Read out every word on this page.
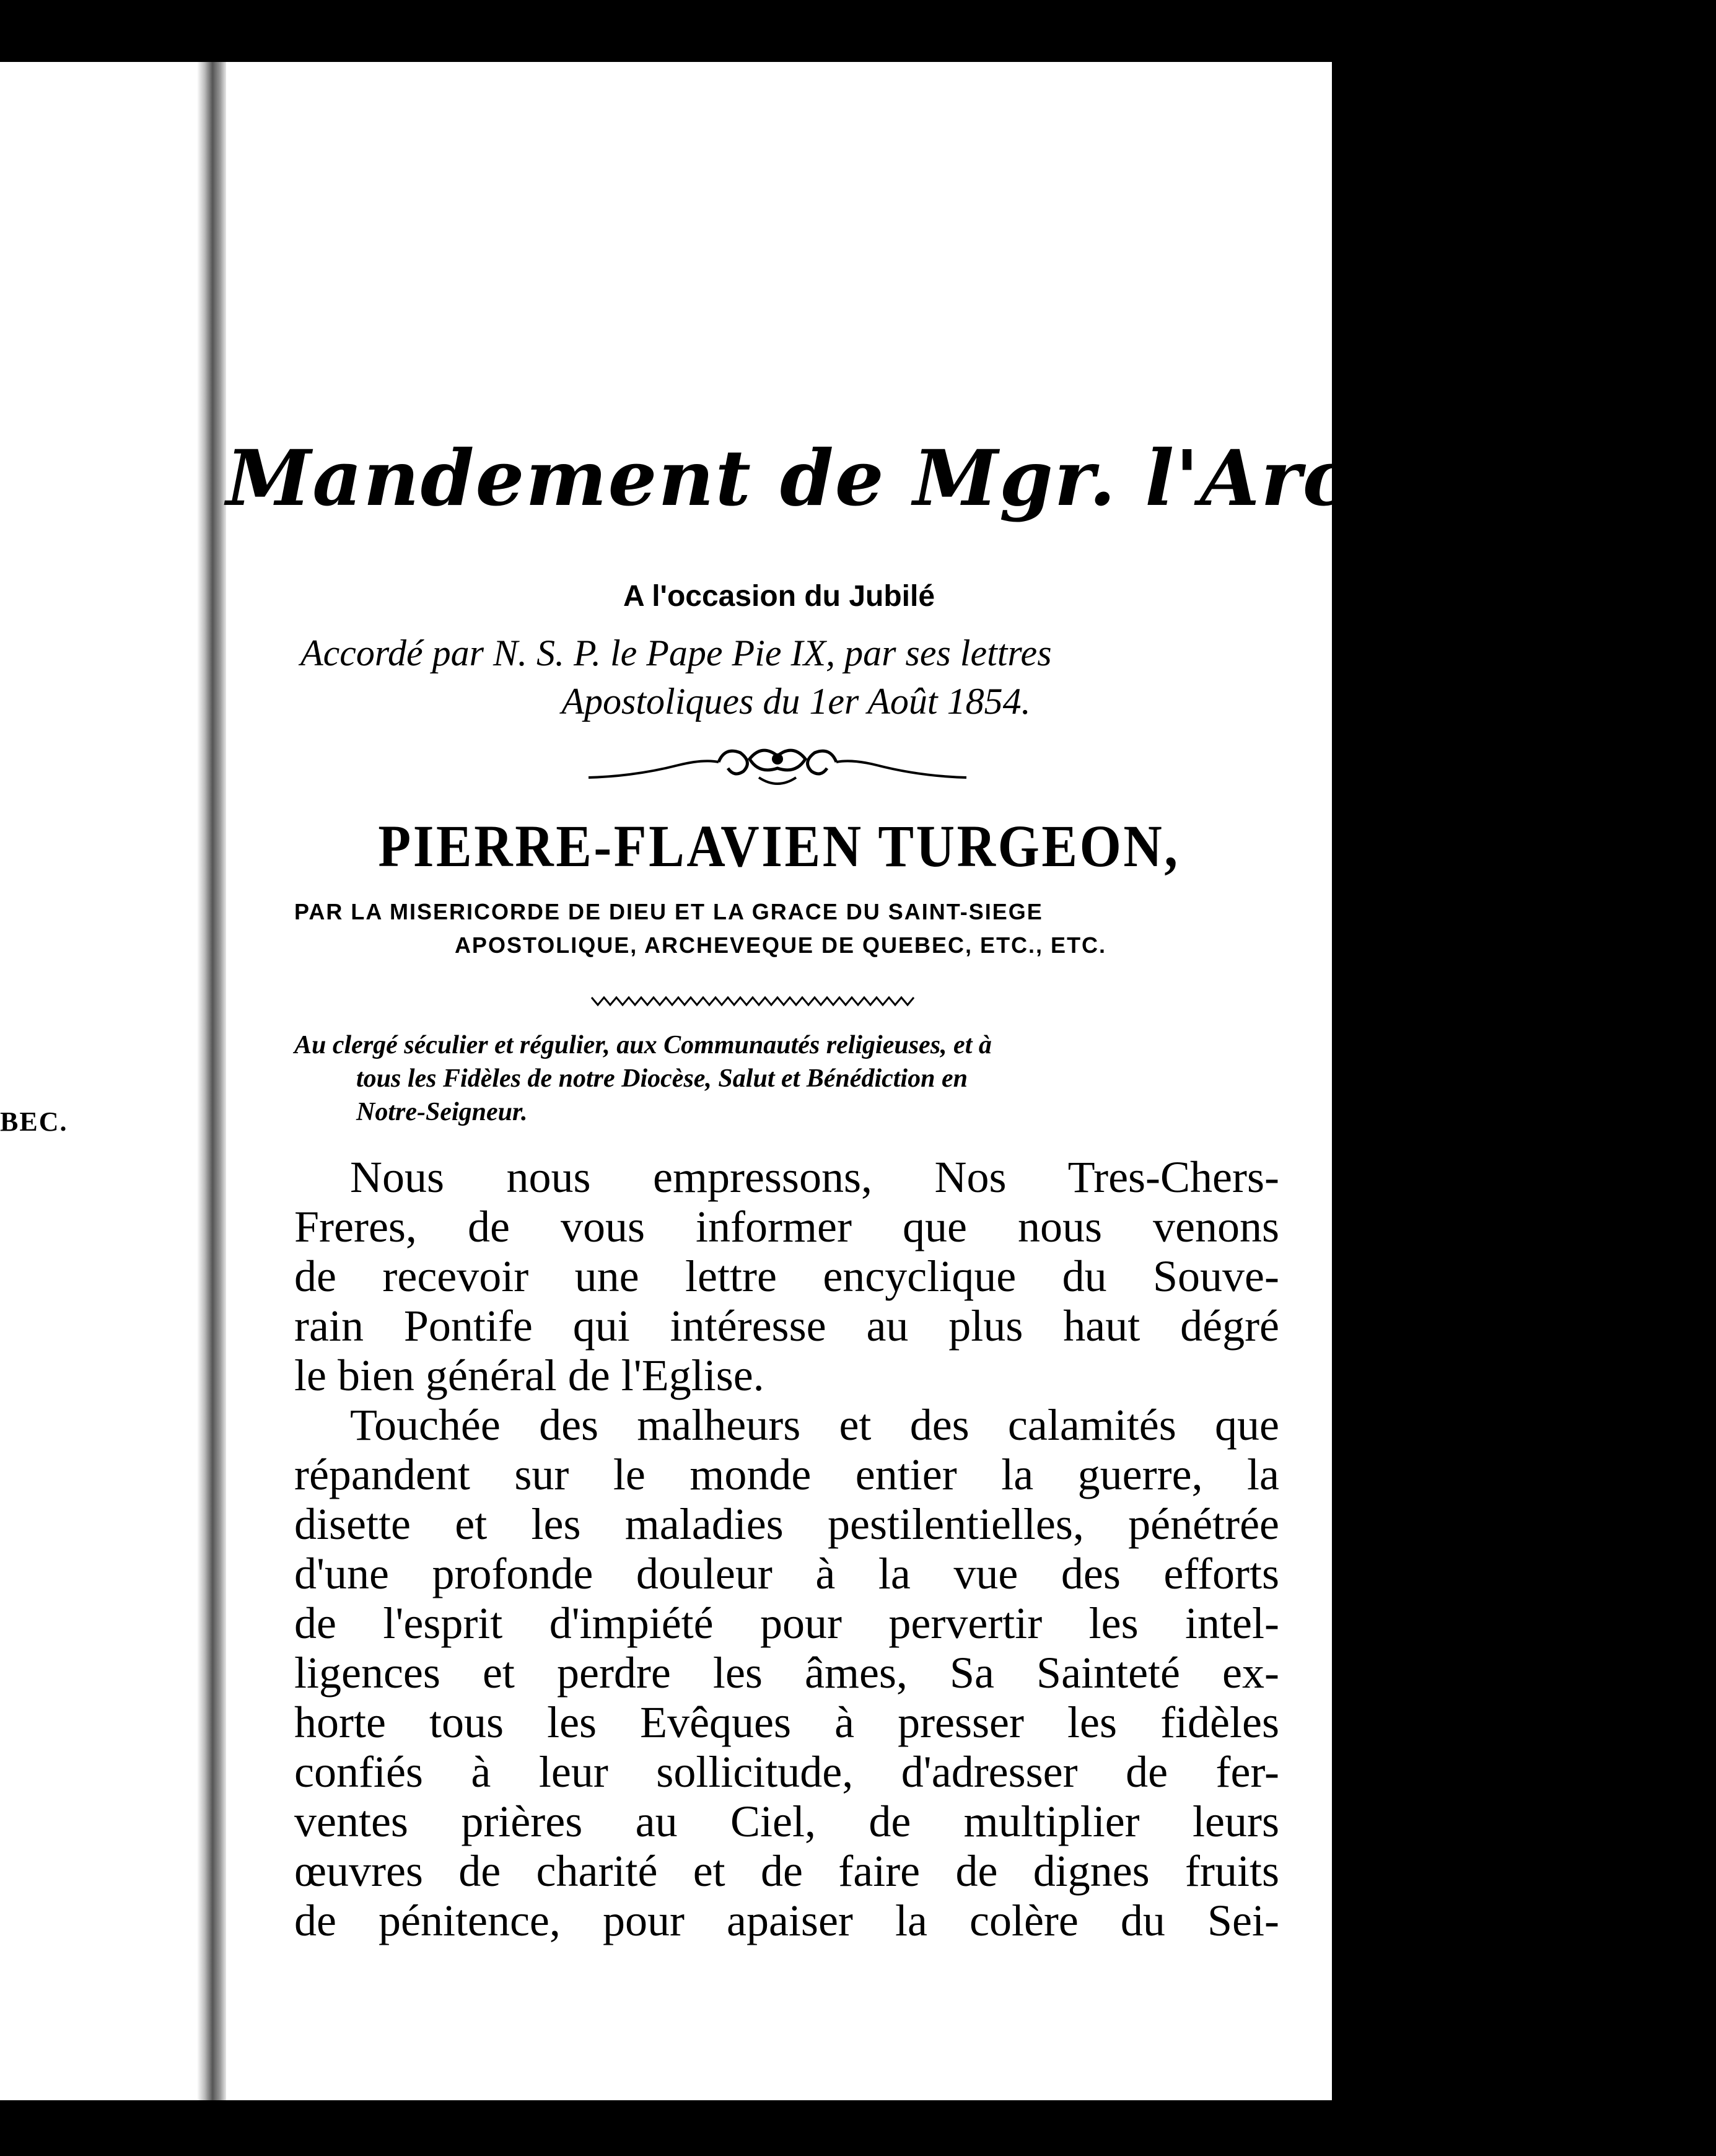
BEC.
Mandement de Mgr. l'Archeveque
A l'occasion du Jubilé
Accordé par N. S. P. le Pape Pie IX, par ses lettres
Apostoliques du 1er Août 1854.
PIERRE-FLAVIEN TURGEON,
PAR LA MISERICORDE DE DIEU ET LA GRACE DU SAINT-SIEGE
APOSTOLIQUE, ARCHEVEQUE DE QUEBEC, ETC., ETC.
Au clergé séculier et régulier, aux Communautés religieuses, et à
tous les Fidèles de notre Diocèse, Salut et Bénédiction en
Notre-Seigneur.
Nous nous empressons, Nos Tres-Chers-
Freres, de vous informer que nous venons
de recevoir une lettre encyclique du Souve-
rain Pontife qui intéresse au plus haut dégré
le bien général de l'Eglise.
Touchée des malheurs et des calamités que
répandent sur le monde entier la guerre, la
disette et les maladies pestilentielles, pénétrée
d'une profonde douleur à la vue des efforts
de l'esprit d'impiété pour pervertir les intel-
ligences et perdre les âmes, Sa Sainteté ex-
horte tous les Evêques à presser les fidèles
confiés à leur sollicitude, d'adresser de fer-
ventes prières au Ciel, de multiplier leurs
œuvres de charité et de faire de dignes fruits
de pénitence, pour apaiser la colère du Sei-
